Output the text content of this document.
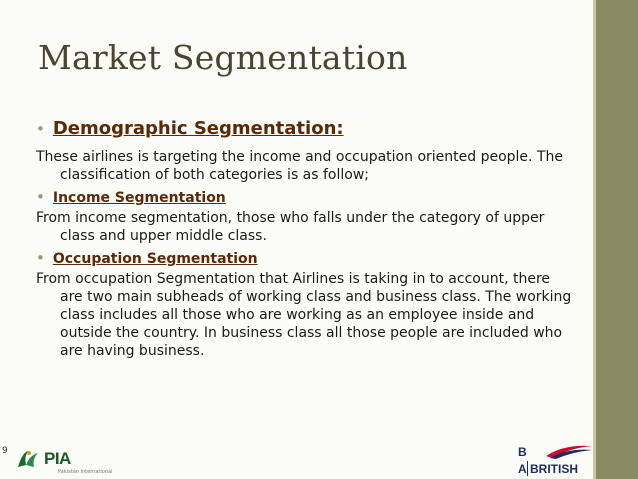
Market Segmentation
• Demographic Segmentation:
These airlines is targeting the income and occupation oriented people. The classification of both categories is as follow;
• Income Segmentation
From income segmentation, those who falls under the category of upper class and upper middle class.
• Occupation Segmentation
From occupation Segmentation that Airlines is taking in to account, there are two main subheads of working class and business class. The working class includes all those who are working as an employee inside and outside the country. In business class all those people are included who are having business.
9 PIA
Pakistan International
B
A BRITISH
